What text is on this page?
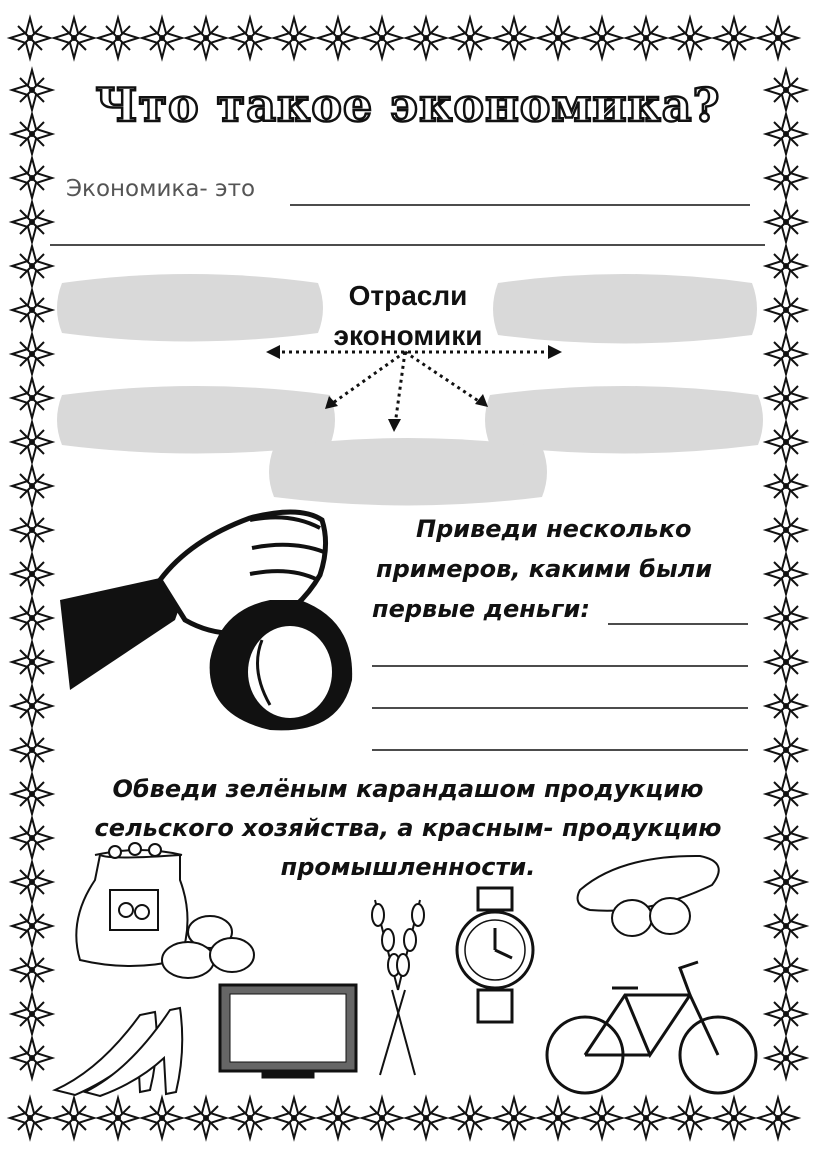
Что такое экономика?
Экономика- это
Отрасли
экономики
Приведи несколько
примеров, какими были
первые деньги:
Обведи зелёным карандашом продукцию
сельского хозяйства, а красным- продукцию
промышленности.
